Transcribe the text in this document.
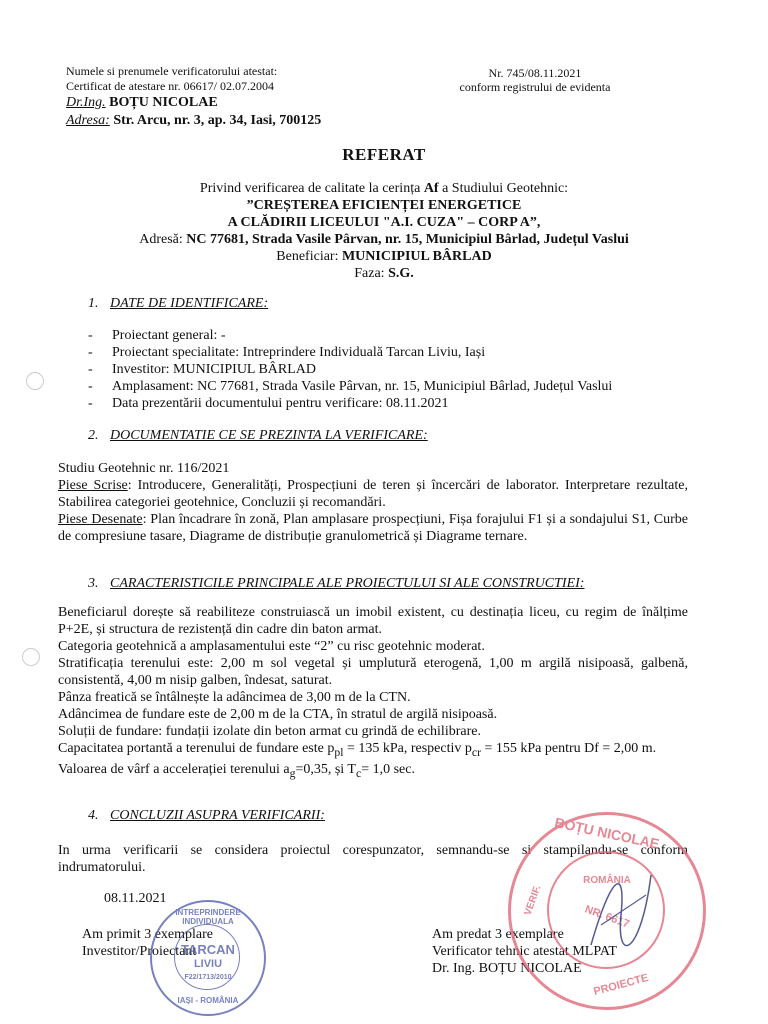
Numele si prenumele verificatorului atestat:
Certificat de atestare nr. 06617/ 02.07.2004
Dr.Ing. BOȚU NICOLAE
Adresa: Str. Arcu, nr. 3, ap. 34, Iasi, 700125
Nr. 745/08.11.2021
conform registrului de evidenta
REFERAT
Privind verificarea de calitate la cerința Af a Studiului Geotehnic:
”CREȘTEREA EFICIENȚEI ENERGETICE
A CLĂDIRII LICEULUI "A.I. CUZA" – CORP A”,
Adresă: NC 77681, Strada Vasile Pârvan, nr. 15, Municipiul Bârlad, Județul Vaslui
Beneficiar: MUNICIPIUL BÂRLAD
Faza: S.G.
1. DATE DE IDENTIFICARE:
- Proiectant general: -
- Proiectant specialitate: Intreprindere Individuală Tarcan Liviu, Iași
- Investitor: MUNICIPIUL BÂRLAD
- Amplasament: NC 77681, Strada Vasile Pârvan, nr. 15, Municipiul Bârlad, Județul Vaslui
- Data prezentării documentului pentru verificare: 08.11.2021
2. DOCUMENTATIE CE SE PREZINTA LA VERIFICARE:
Studiu Geotehnic nr. 116/2021
Piese Scrise: Introducere, Generalități, Prospecțiuni de teren și încercări de laborator. Interpretare rezultate, Stabilirea categoriei geotehnice, Concluzii și recomandări.
Piese Desenate: Plan încadrare în zonă, Plan amplasare prospecțiuni, Fișa forajului F1 și a sondajului S1, Curbe de compresiune tasare, Diagrame de distribuție granulometrică și Diagrame ternare.
3. CARACTERISTICILE PRINCIPALE ALE PROIECTULUI SI ALE CONSTRUCTIEI:
Beneficiarul dorește să reabiliteze construiască un imobil existent, cu destinația liceu, cu regim de înălțime P+2E, și structura de rezistență din cadre din baton armat.
Categoria geotehnică a amplasamentului este “2” cu risc geotehnic moderat.
Stratificația terenului este: 2,00 m sol vegetal și umplutură eterogenă, 1,00 m argilă nisipoasă, galbenă, consistentă, 4,00 m nisip galben, îndesat, saturat.
Pânza freatică se întâlnește la adâncimea de 3,00 m de la CTN.
Adâncimea de fundare este de 2,00 m de la CTA, în stratul de argilă nisipoasă.
Soluții de fundare: fundații izolate din beton armat cu grindă de echilibrare.
Capacitatea portantă a terenului de fundare este $p_{pl} = 135$ kPa, respectiv $p_{cr} = 155$ kPa pentru Df = 2,00 m.
Valoarea de vârf a accelerației terenului $a_g=0,35$, și $T_c= 1,0$ sec.
4. CONCLUZII ASUPRA VERIFICARII:
In urma verificarii se considera proiectul corespunzator, semnandu-se si stampilandu-se conform indrumatorului.
08.11.2021
Am primit 3 exemplare
Investitor/Proiectant
Am predat 3 exemplare
Verificator tehnic atestat MLPAT
Dr. Ing. BOȚU NICOLAE
INTREPRINDERE INDIVIDUALA
TARCAN
LIVIU
F22/1713/2010
IAȘI - ROMÂNIA
BOȚU NICOLAE
VERIF.
ROMÂNIA
NR. 6617
PROIECTE
